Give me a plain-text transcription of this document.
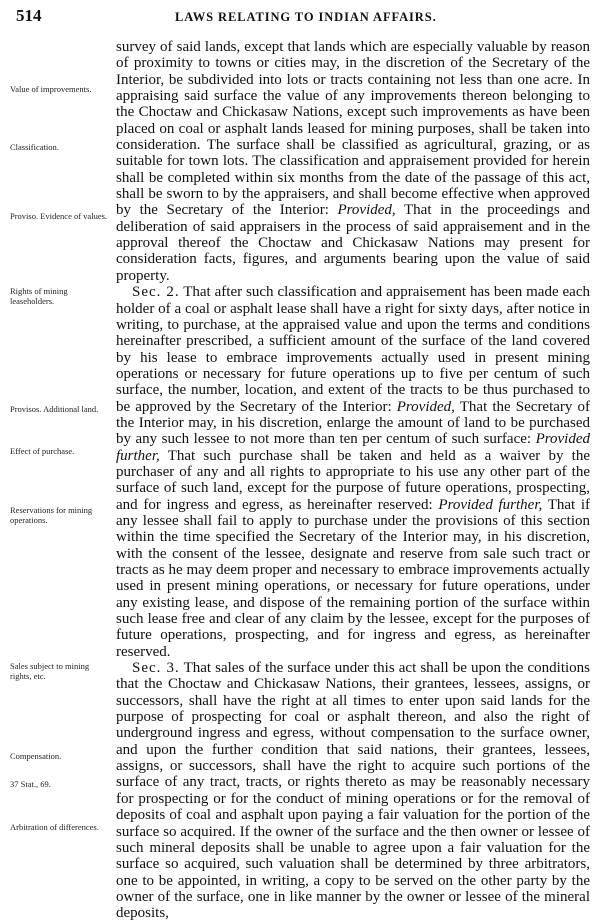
514	LAWS RELATING TO INDIAN AFFAIRS.
Value of improvements.
Classification.
Proviso. Evidence of values.
Rights of mining leaseholders.
Provisos. Additional land.
Effect of purchase.
Reservations for mining operations.
Sales subject to mining rights, etc.
Compensation.
37 Stat., 69.
Arbitration of differences.

survey of said lands, except that lands which are especially valuable by reason of proximity to towns or cities may, in the discretion of the Secretary of the Interior, be subdivided into lots or tracts containing not less than one acre. In appraising said surface the value of any improvements thereon belonging to the Choctaw and Chickasaw Nations, except such improvements as have been placed on coal or asphalt lands leased for mining purposes, shall be taken into consideration. The surface shall be classified as agricultural, grazing, or as suitable for town lots. The classification and appraisement provided for herein shall be completed within six months from the date of the passage of this act, shall be sworn to by the appraisers, and shall become effective when approved by the Secretary of the Interior: Provided, That in the proceedings and deliberation of said appraisers in the process of said appraisement and in the approval thereof the Choctaw and Chickasaw Nations may present for consideration facts, figures, and arguments bearing upon the value of said property.

Sec. 2. That after such classification and appraisement has been made each holder of a coal or asphalt lease shall have a right for sixty days, after notice in writing, to purchase, at the appraised value and upon the terms and conditions hereinafter prescribed, a sufficient amount of the surface of the land covered by his lease to embrace improvements actually used in present mining operations or necessary for future operations up to five per centum of such surface, the number, location, and extent of the tracts to be thus purchased to be approved by the Secretary of the Interior: Provided, That the Secretary of the Interior may, in his discretion, enlarge the amount of land to be purchased by any such lessee to not more than ten per centum of such surface: Provided further, That such purchase shall be taken and held as a waiver by the purchaser of any and all rights to appropriate to his use any other part of the surface of such land, except for the purpose of future operations, prospecting, and for ingress and egress, as hereinafter reserved: Provided further, That if any lessee shall fail to apply to purchase under the provisions of this section within the time specified the Secretary of the Interior may, in his discretion, with the consent of the lessee, designate and reserve from sale such tract or tracts as he may deem proper and necessary to embrace improvements actually used in present mining operations, or necessary for future operations, under any existing lease, and dispose of the remaining portion of the surface within such lease free and clear of any claim by the lessee, except for the purposes of future operations, prospecting, and for ingress and egress, as hereinafter reserved.

Sec. 3. That sales of the surface under this act shall be upon the conditions that the Choctaw and Chickasaw Nations, their grantees, lessees, assigns, or successors, shall have the right at all times to enter upon said lands for the purpose of prospecting for coal or asphalt thereon, and also the right of underground ingress and egress, without compensation to the surface owner, and upon the further condition that said nations, their grantees, lessees, assigns, or successors, shall have the right to acquire such portions of the surface of any tract, tracts, or rights thereto as may be reasonably necessary for prospecting or for the conduct of mining operations or for the removal of deposits of coal and asphalt upon paying a fair valuation for the portion of the surface so acquired. If the owner of the surface and the then owner or lessee of such mineral deposits shall be unable to agree upon a fair valuation for the surface so acquired, such valuation shall be determined by three arbitrators, one to be appointed, in writing, a copy to be served on the other party by the owner of the surface, one in like manner by the owner or lessee of the mineral deposits,
